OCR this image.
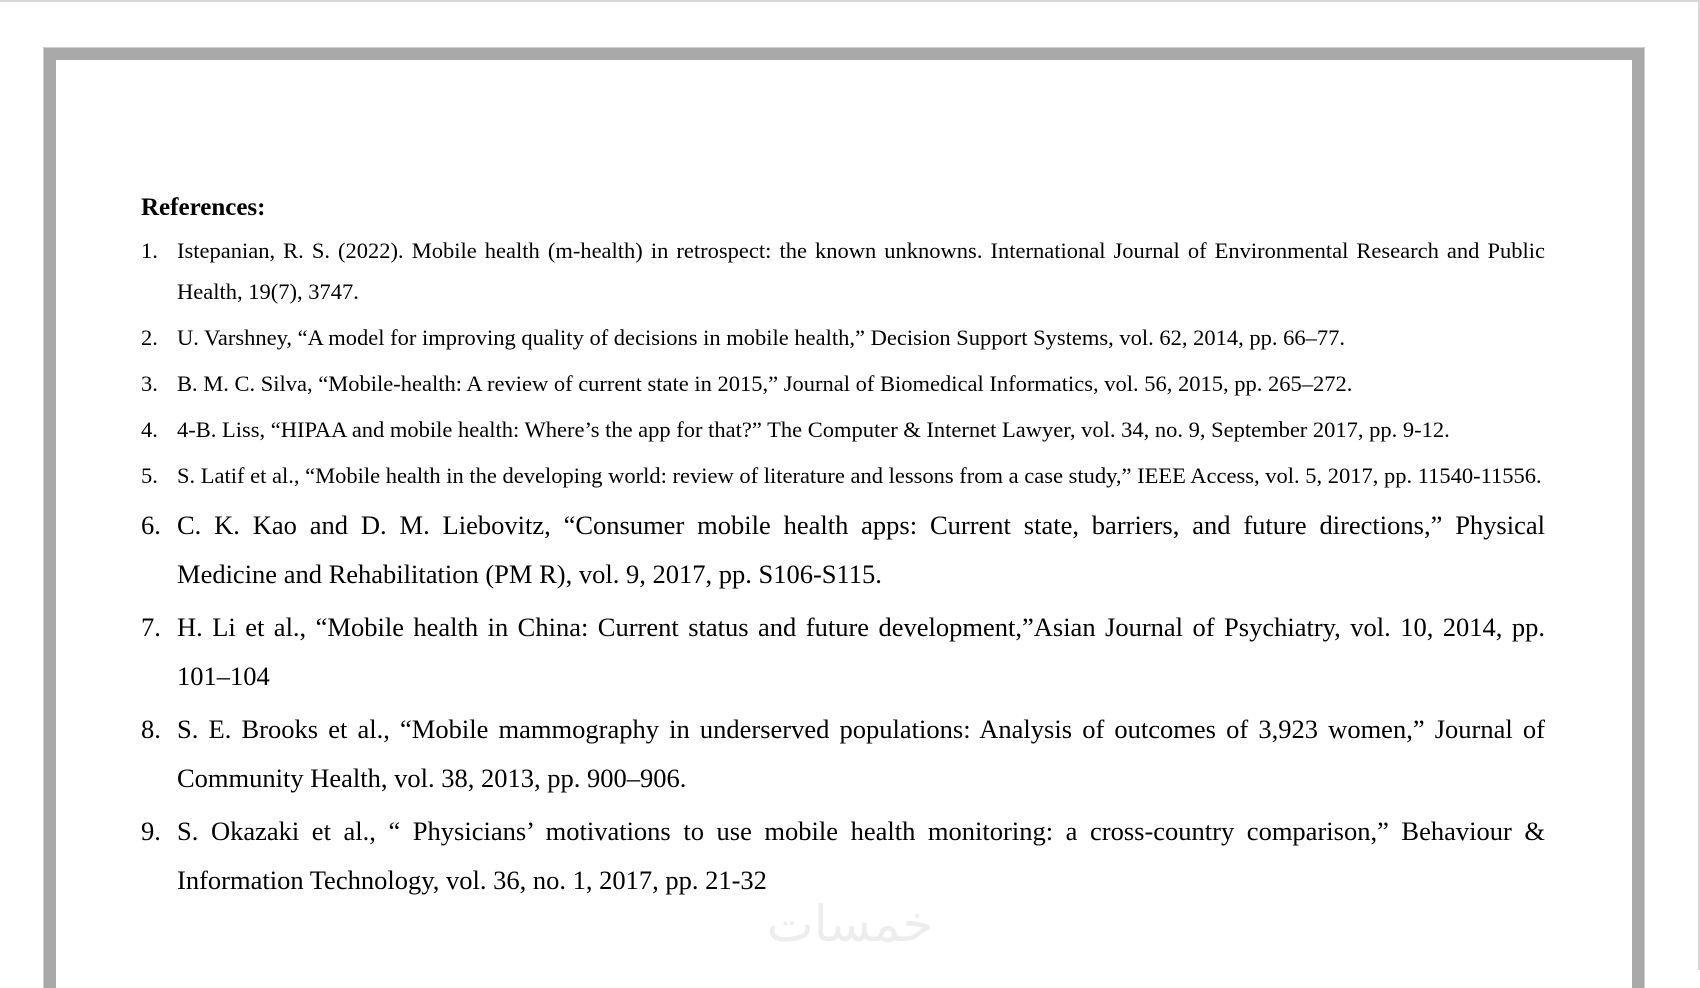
References:
1. Istepanian, R. S. (2022). Mobile health (m-health) in retrospect: the known unknowns. International Journal of Environmental Research and Public Health, 19(7), 3747.
2. U. Varshney, “A model for improving quality of decisions in mobile health,” Decision Support Systems, vol. 62, 2014, pp. 66–77.
3. B. M. C. Silva, “Mobile-health: A review of current state in 2015,” Journal of Biomedical Informatics, vol. 56, 2015, pp. 265–272.
4. 4-B. Liss, “HIPAA and mobile health: Where’s the app for that?” The Computer & Internet Lawyer, vol. 34, no. 9, September 2017, pp. 9-12.
5. S. Latif et al., “Mobile health in the developing world: review of literature and lessons from a case study,” IEEE Access, vol. 5, 2017, pp. 11540-11556.
6. C. K. Kao and D. M. Liebovitz, “Consumer mobile health apps: Current state, barriers, and future directions,” Physical Medicine and Rehabilitation (PM R), vol. 9, 2017, pp. S106-S115.
7. H. Li et al., “Mobile health in China: Current status and future development,”Asian Journal of Psychiatry, vol. 10, 2014, pp. 101–104
8. S. E. Brooks et al., “Mobile mammography in underserved populations: Analysis of outcomes of 3,923 women,” Journal of Community Health, vol. 38, 2013, pp. 900–906.
9. S. Okazaki et al., “ Physicians’ motivations to use mobile health monitoring: a cross-country comparison,” Behaviour & Information Technology, vol. 36, no. 1, 2017, pp. 21-32
خمسات
